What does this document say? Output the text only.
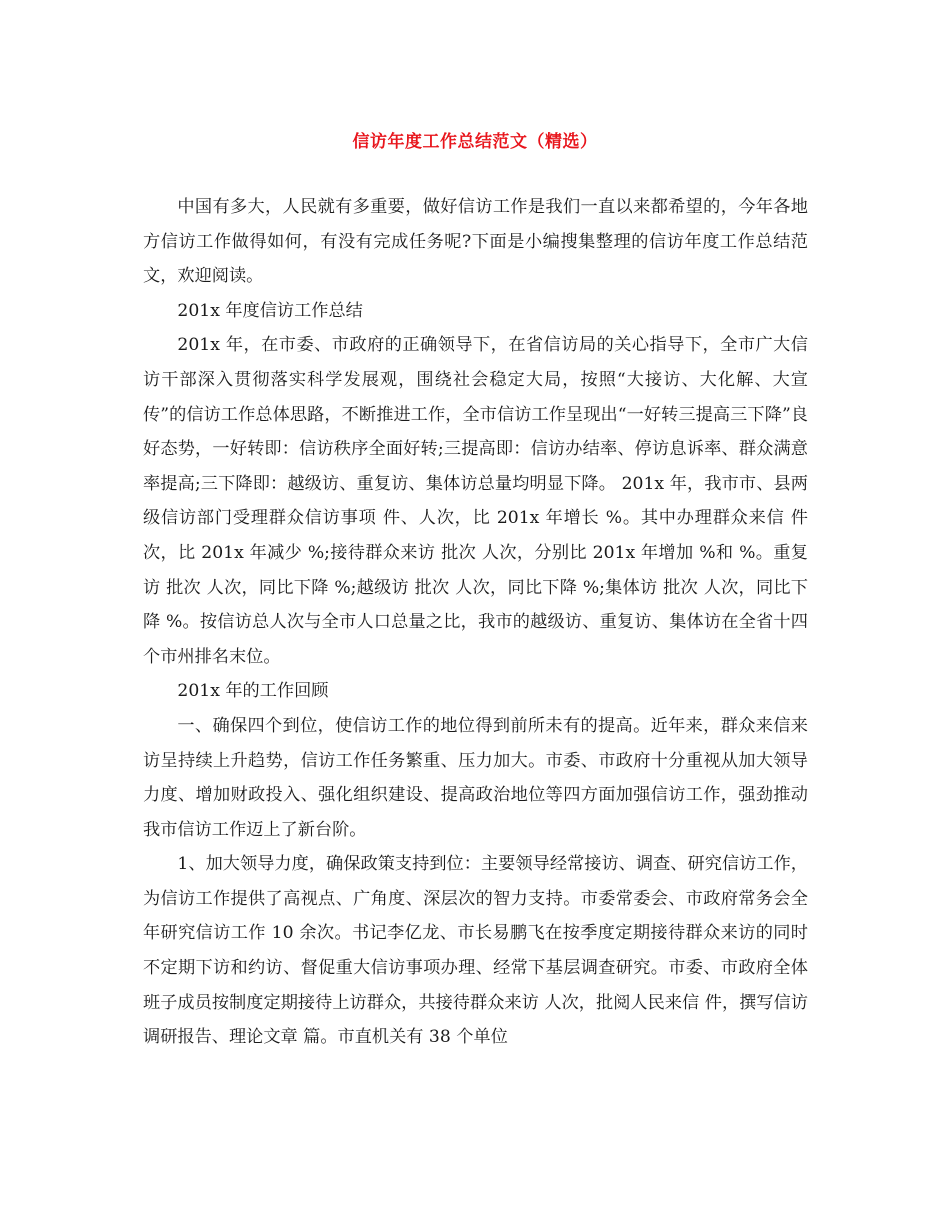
信访年度工作总结范文（精选）

中国有多大，人民就有多重要，做好信访工作是我们一直以来都希望的，今年各地方信访工作做得如何，有没有完成任务呢?下面是小编搜集整理的信访年度工作总结范文，欢迎阅读。

201x 年度信访工作总结

201x 年，在市委、市政府的正确领导下，在省信访局的关心指导下，全市广大信访干部深入贯彻落实科学发展观，围绕社会稳定大局，按照“大接访、大化解、大宣传”的信访工作总体思路，不断推进工作，全市信访工作呈现出“一好转三提高三下降”良好态势，一好转即：信访秩序全面好转;三提高即：信访办结率、停访息诉率、群众满意率提高;三下降即：越级访、重复访、集体访总量均明显下降。 201x 年，我市市、县两级信访部门受理群众信访事项 件、人次，比 201x 年增长 %。其中办理群众来信 件次，比 201x 年减少 %;接待群众来访 批次 人次，分别比 201x 年增加 %和 %。重复访 批次 人次，同比下降 %;越级访 批次 人次，同比下降 %;集体访 批次 人次，同比下降 %。按信访总人次与全市人口总量之比，我市的越级访、重复访、集体访在全省十四个市州排名末位。

201x 年的工作回顾

一、确保四个到位，使信访工作的地位得到前所未有的提高。近年来，群众来信来访呈持续上升趋势，信访工作任务繁重、压力加大。市委、市政府十分重视从加大领导力度、增加财政投入、强化组织建设、提高政治地位等四方面加强信访工作，强劲推动我市信访工作迈上了新台阶。

1、加大领导力度，确保政策支持到位：主要领导经常接访、调查、研究信访工作，为信访工作提供了高视点、广角度、深层次的智力支持。市委常委会、市政府常务会全年研究信访工作 10 余次。书记李亿龙、市长易鹏飞在按季度定期接待群众来访的同时不定期下访和约访、督促重大信访事项办理、经常下基层调查研究。市委、市政府全体班子成员按制度定期接待上访群众，共接待群众来访 人次，批阅人民来信 件，撰写信访调研报告、理论文章 篇。市直机关有 38 个单位
